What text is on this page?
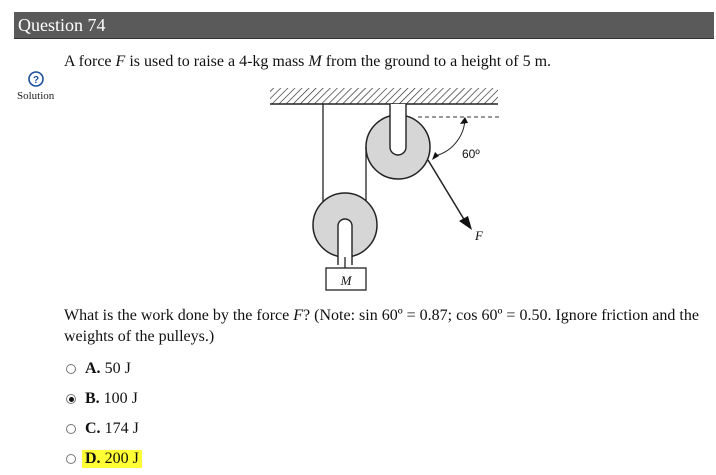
Question 74
?
Solution
A force F is used to raise a 4-kg mass M from the ground to a height of 5 m.
M
60º
F
What is the work done by the force F? (Note: sin 60º = 0.87; cos 60º = 0.50. Ignore friction and the weights of the pulleys.)
A. 50 J
B. 100 J
C. 174 J
D. 200 J
